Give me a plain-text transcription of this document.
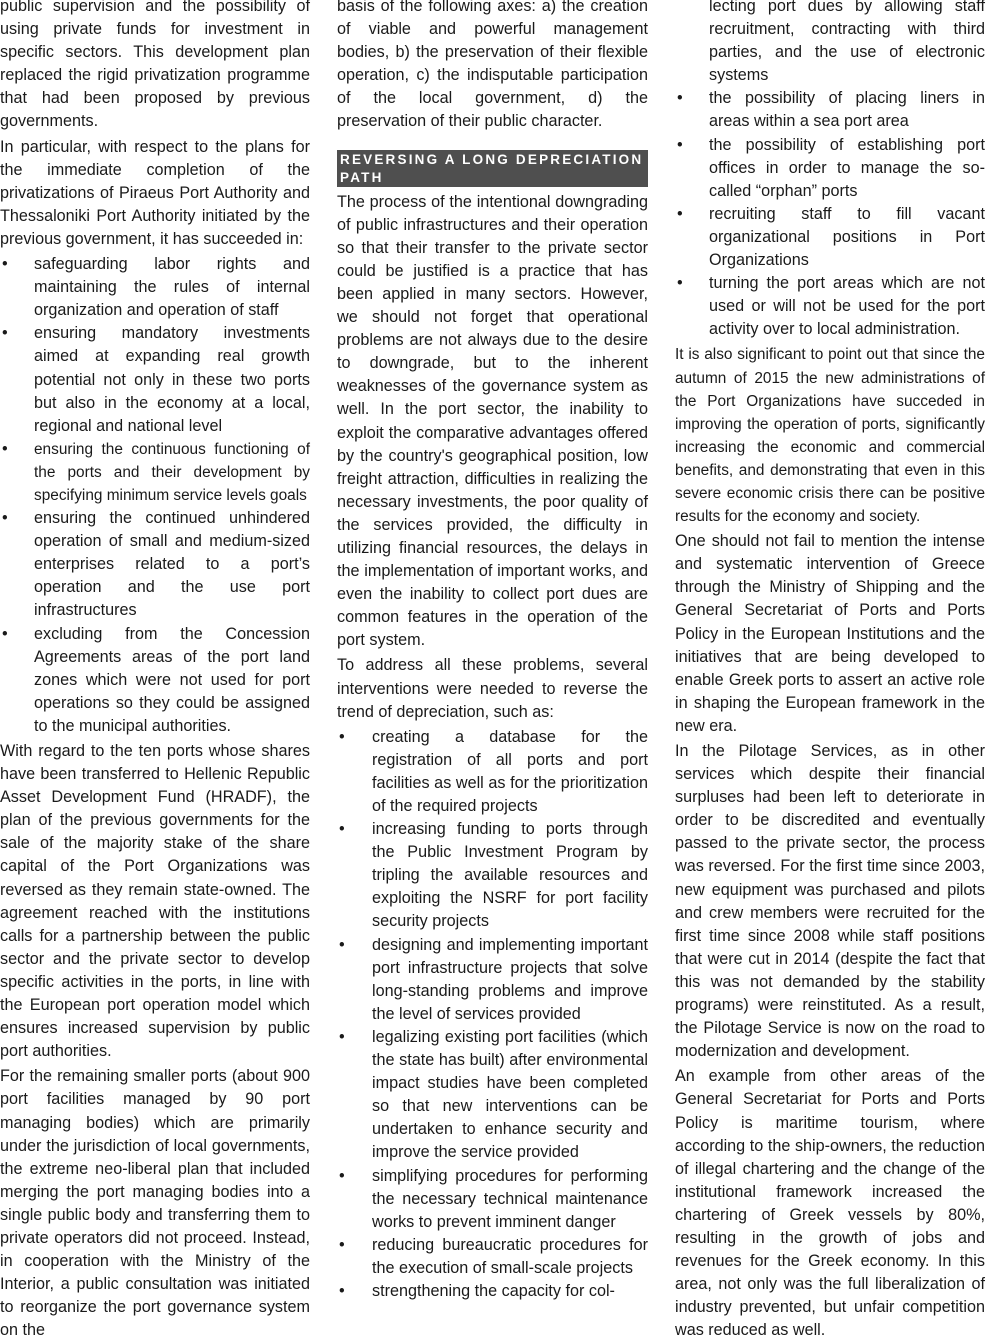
public supervision and the possibility of using private funds for investment in specific sectors. This development plan replaced the rigid privatization programme that had been proposed by previous governments.

In particular, with respect to the plans for the immediate completion of the privatizations of Piraeus Port Authority and Thessaloniki Port Authority initiated by the previous government, it has succeeded in:

• safeguarding labor rights and maintaining the rules of internal organization and operation of staff
• ensuring mandatory investments aimed at expanding real growth potential not only in these two ports but also in the economy at a local, regional and national level
• ensuring the continuous functioning of the ports and their development by specifying minimum service levels goals
• ensuring the continued unhindered operation of small and medium-sized enterprises related to a port’s operation and the use port infrastructures
• excluding from the Concession Agreements areas of the port land zones which were not used for port operations so they could be assigned to the municipal authorities.

With regard to the ten ports whose shares have been transferred to Hellenic Republic Asset Development Fund (HRADF), the plan of the previous governments for the sale of the majority stake of the share capital of the Port Organizations was reversed as they remain state-owned. The agreement reached with the institutions calls for a partnership between the public sector and the private sector to develop specific activities in the ports, in line with the European port operation model which ensures increased supervision by public port authorities.

For the remaining smaller ports (about 900 port facilities managed by 90 port managing bodies) which are primarily under the jurisdiction of local governments, the extreme neo-liberal plan that included merging the port managing bodies into a single public body and transferring them to private operators did not proceed. Instead, in cooperation with the Ministry of the Interior, a public consultation was initiated to reorganize the port governance system on the

basis of the following axes: a) the creation of viable and powerful management bodies, b) the preservation of their flexible operation, c) the indisputable participation of the local government, d) the preservation of their public character.

REVERSING A LONG DEPRECIATION PATH

The process of the intentional downgrading of public infrastructures and their operation so that their transfer to the private sector could be justified is a practice that has been applied in many sectors. However, we should not forget that operational problems are not always due to the desire to downgrade, but to the inherent weaknesses of the governance system as well. In the port sector, the inability to exploit the comparative advantages offered by the country's geographical position, low freight attraction, difficulties in realizing the necessary investments, the poor quality of the services provided, the difficulty in utilizing financial resources, the delays in the implementation of important works, and even the inability to collect port dues are common features in the operation of the port system.

To address all these problems, several interventions were needed to reverse the trend of depreciation, such as:

• creating a database for the registration of all ports and port facilities as well as for the prioritization of the required projects
• increasing funding to ports through the Public Investment Program by tripling the available resources and exploiting the NSRF for port facility security projects
• designing and implementing important port infrastructure projects that solve long-standing problems and improve the level of services provided
• legalizing existing port facilities (which the state has built) after environmental impact studies have been completed so that new interventions can be undertaken to enhance security and improve the service provided
• simplifying procedures for performing the necessary technical maintenance works to prevent imminent danger
• reducing bureaucratic procedures for the execution of small-scale projects
• strengthening the capacity for col-
lecting port dues by allowing staff recruitment, contracting with third parties, and the use of electronic systems
• the possibility of placing liners in areas within a sea port area
• the possibility of establishing port offices in order to manage the so-called “orphan” ports
• recruiting staff to fill vacant organizational positions in Port Organizations
• turning the port areas which are not used or will not be used for the port activity over to local administration.

It is also significant to point out that since the autumn of 2015 the new administrations of the Port Organizations have succeded in improving the operation of ports, significantly increasing the economic and commercial benefits, and demonstrating that even in this severe economic crisis there can be positive results for the economy and society.

One should not fail to mention the intense and systematic intervention of Greece through the Ministry of Shipping and the General Secretariat of Ports and Ports Policy in the European Institutions and the initiatives that are being developed to enable Greek ports to assert an active role in shaping the European framework in the new era.

In the Pilotage Services, as in other services which despite their financial surpluses had been left to deteriorate in order to be discredited and eventually passed to the private sector, the process was reversed. For the first time since 2003, new equipment was purchased and pilots and crew members were recruited for the first time since 2008 while staff positions that were cut in 2014 (despite the fact that this was not demanded by the stability programs) were reinstituted. As a result, the Pilotage Service is now on the road to modernization and development.

An example from other areas of the General Secretariat for Ports and Ports Policy is maritime tourism, where according to the ship-owners, the reduction of illegal chartering and the change of the institutional framework increased the chartering of Greek vessels by 80%, resulting in the growth of jobs and revenues for the Greek economy. In this area, not only was the full liberalization of industry prevented, but unfair competition was reduced as well.
